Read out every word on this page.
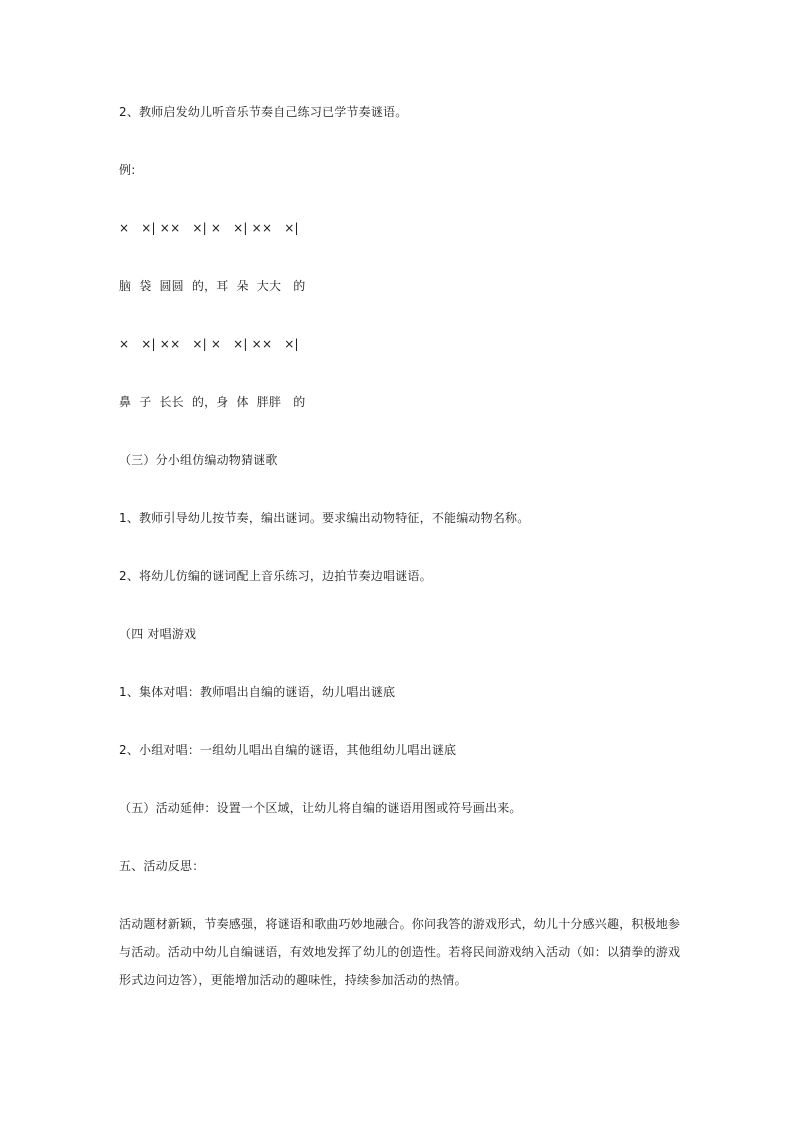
2、教师启发幼儿听音乐节奏自己练习已学节奏谜语。
例:
×   ×| ××   ×| ×   ×| ××   ×|
脑  袋  圆圆  的，耳  朵  大大   的
×   ×| ××   ×| ×   ×| ××   ×|
鼻  子  长长  的，身  体  胖胖   的
（三）分小组仿编动物猜谜歌
1、教师引导幼儿按节奏，编出谜词。要求编出动物特征，不能编动物名称。
2、将幼儿仿编的谜词配上音乐练习，边拍节奏边唱谜语。
（四 对唱游戏
1、集体对唱：教师唱出自编的谜语，幼儿唱出谜底
2、小组对唱：一组幼儿唱出自编的谜语，其他组幼儿唱出谜底
（五）活动延伸：设置一个区域，让幼儿将自编的谜语用图或符号画出来。
五、活动反思：
活动题材新颖，节奏感强，将谜语和歌曲巧妙地融合。你问我答的游戏形式，幼儿十分感兴趣，积极地参
与活动。活动中幼儿自编谜语，有效地发挥了幼儿的创造性。若将民间游戏纳入活动（如：以猜拳的游戏
形式边问边答），更能增加活动的趣味性，持续参加活动的热情。
